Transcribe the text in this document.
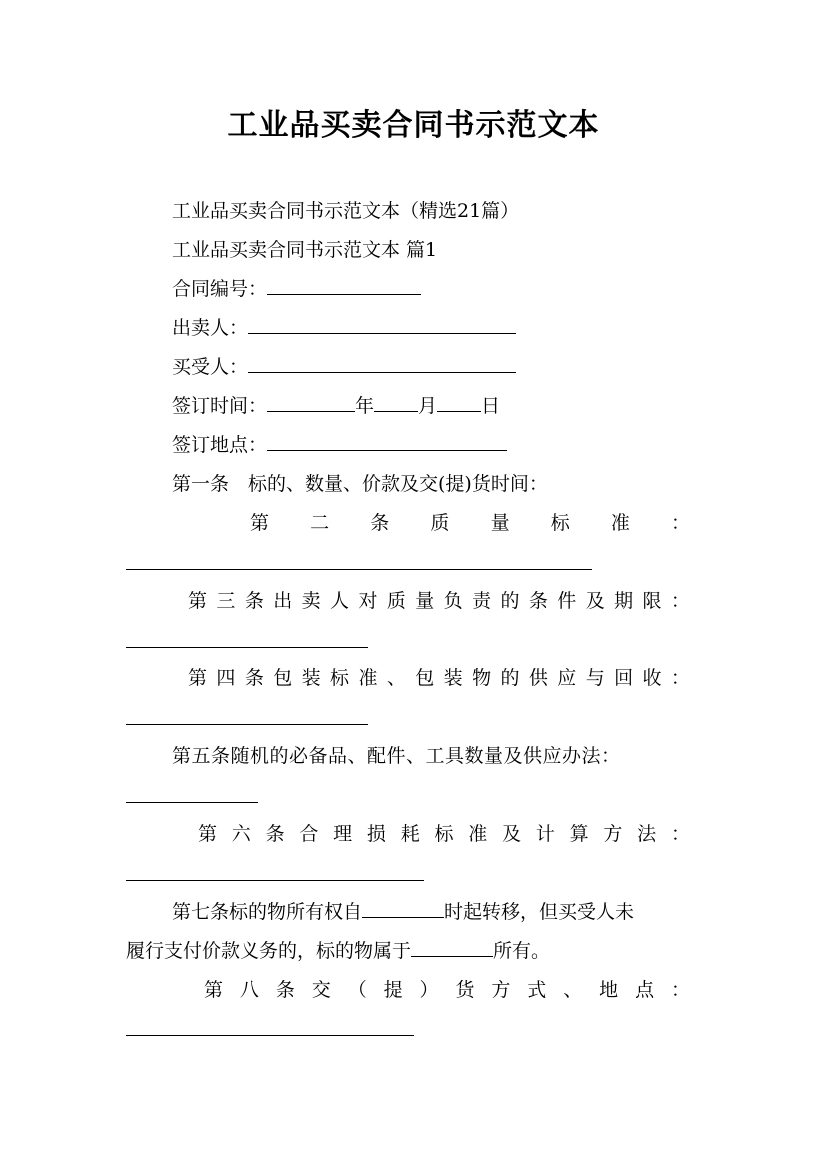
工业品买卖合同书示范文本
工业品买卖合同书示范文本（精选21篇）
工业品买卖合同书示范文本 篇1
合同编号：
出卖人：
买受人：
签订时间：	年 月 日
签订地点：
第一条　标的、数量、价款及交(提)货时间：
第 二 条 质 量 标 准 ：
第 三 条 出 卖 人 对 质 量 负 责 的 条 件 及 期 限 ：
第 四 条 包 装 标 准 、 包 装 物 的 供 应 与 回 收 ：
第五条随机的必备品、配件、工具数量及供应办法：
第 六 条 合 理 损 耗 标 准 及 计 算 方 法 ：
第七条标的物所有权自	时起转移，但买受人未
履行支付价款义务的，标的物属于	所有。
第 八 条 交 （ 提 ） 货 方 式 、 地 点 ：
